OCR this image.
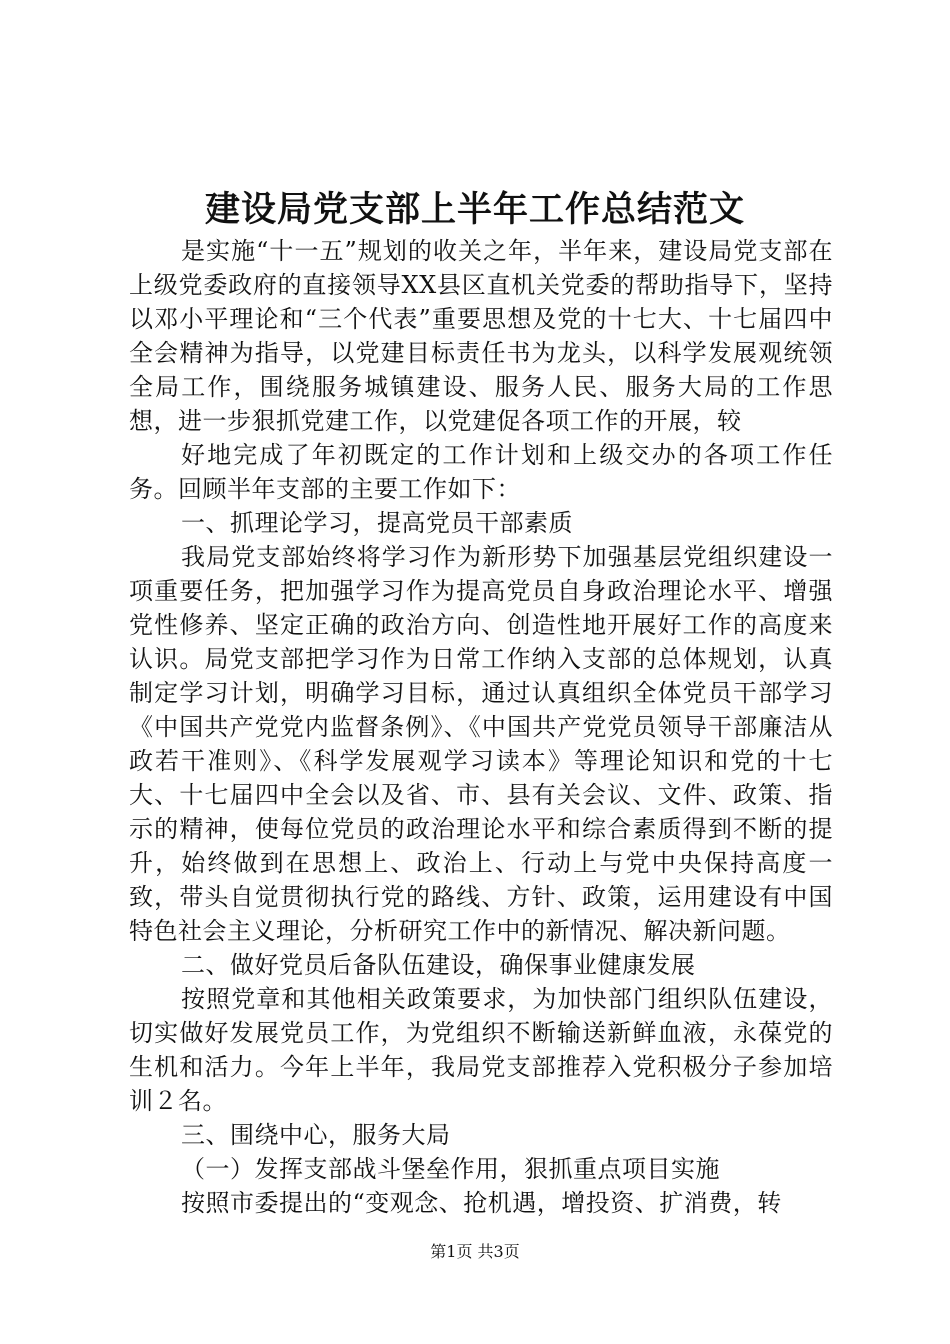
建设局党支部上半年工作总结范文

是实施“十一五”规划的收关之年，半年来，建设局党支部在上级党委政府的直接领导XX县区直机关党委的帮助指导下，坚持以邓小平理论和“三个代表”重要思想及党的十七大、十七届四中全会精神为指导，以党建目标责任书为龙头，以科学发展观统领全局工作，围绕服务城镇建设、服务人民、服务大局的工作思想，进一步狠抓党建工作，以党建促各项工作的开展，较

好地完成了年初既定的工作计划和上级交办的各项工作任务。回顾半年支部的主要工作如下：

一、抓理论学习，提高党员干部素质

我局党支部始终将学习作为新形势下加强基层党组织建设一项重要任务，把加强学习作为提高党员自身政治理论水平、增强党性修养、坚定正确的政治方向、创造性地开展好工作的高度来认识。局党支部把学习作为日常工作纳入支部的总体规划，认真制定学习计划，明确学习目标，通过认真组织全体党员干部学习《中国共产党党内监督条例》、《中国共产党党员领导干部廉洁从政若干准则》、《科学发展观学习读本》等理论知识和党的十七大、十七届四中全会以及省、市、县有关会议、文件、政策、指示的精神，使每位党员的政治理论水平和综合素质得到不断的提升，始终做到在思想上、政治上、行动上与党中央保持高度一致，带头自觉贯彻执行党的路线、方针、政策，运用建设有中国特色社会主义理论，分析研究工作中的新情况、解决新问题。

二、做好党员后备队伍建设，确保事业健康发展

按照党章和其他相关政策要求，为加快部门组织队伍建设，切实做好发展党员工作，为党组织不断输送新鲜血液，永葆党的生机和活力。今年上半年，我局党支部推荐入党积极分子参加培训２名。

三、围绕中心，服务大局

（一）发挥支部战斗堡垒作用，狠抓重点项目实施

按照市委提出的“变观念、抢机遇，增投资、扩消费，转

第1页 共3页
